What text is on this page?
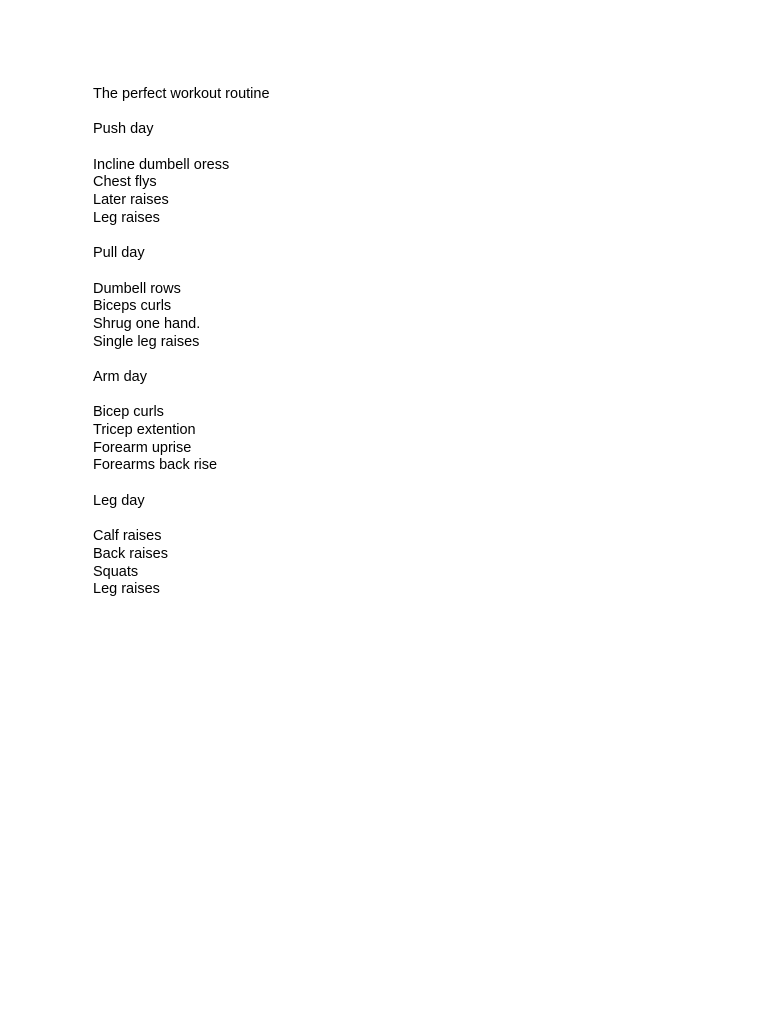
The perfect workout routine
Push day
Incline dumbell oress
Chest flys
Later raises
Leg raises
Pull day
Dumbell rows
Biceps curls
Shrug one hand.
Single leg raises
Arm day
Bicep curls
Tricep extention
Forearm uprise
Forearms back rise
Leg day
Calf raises
Back raises
Squats
Leg raises
